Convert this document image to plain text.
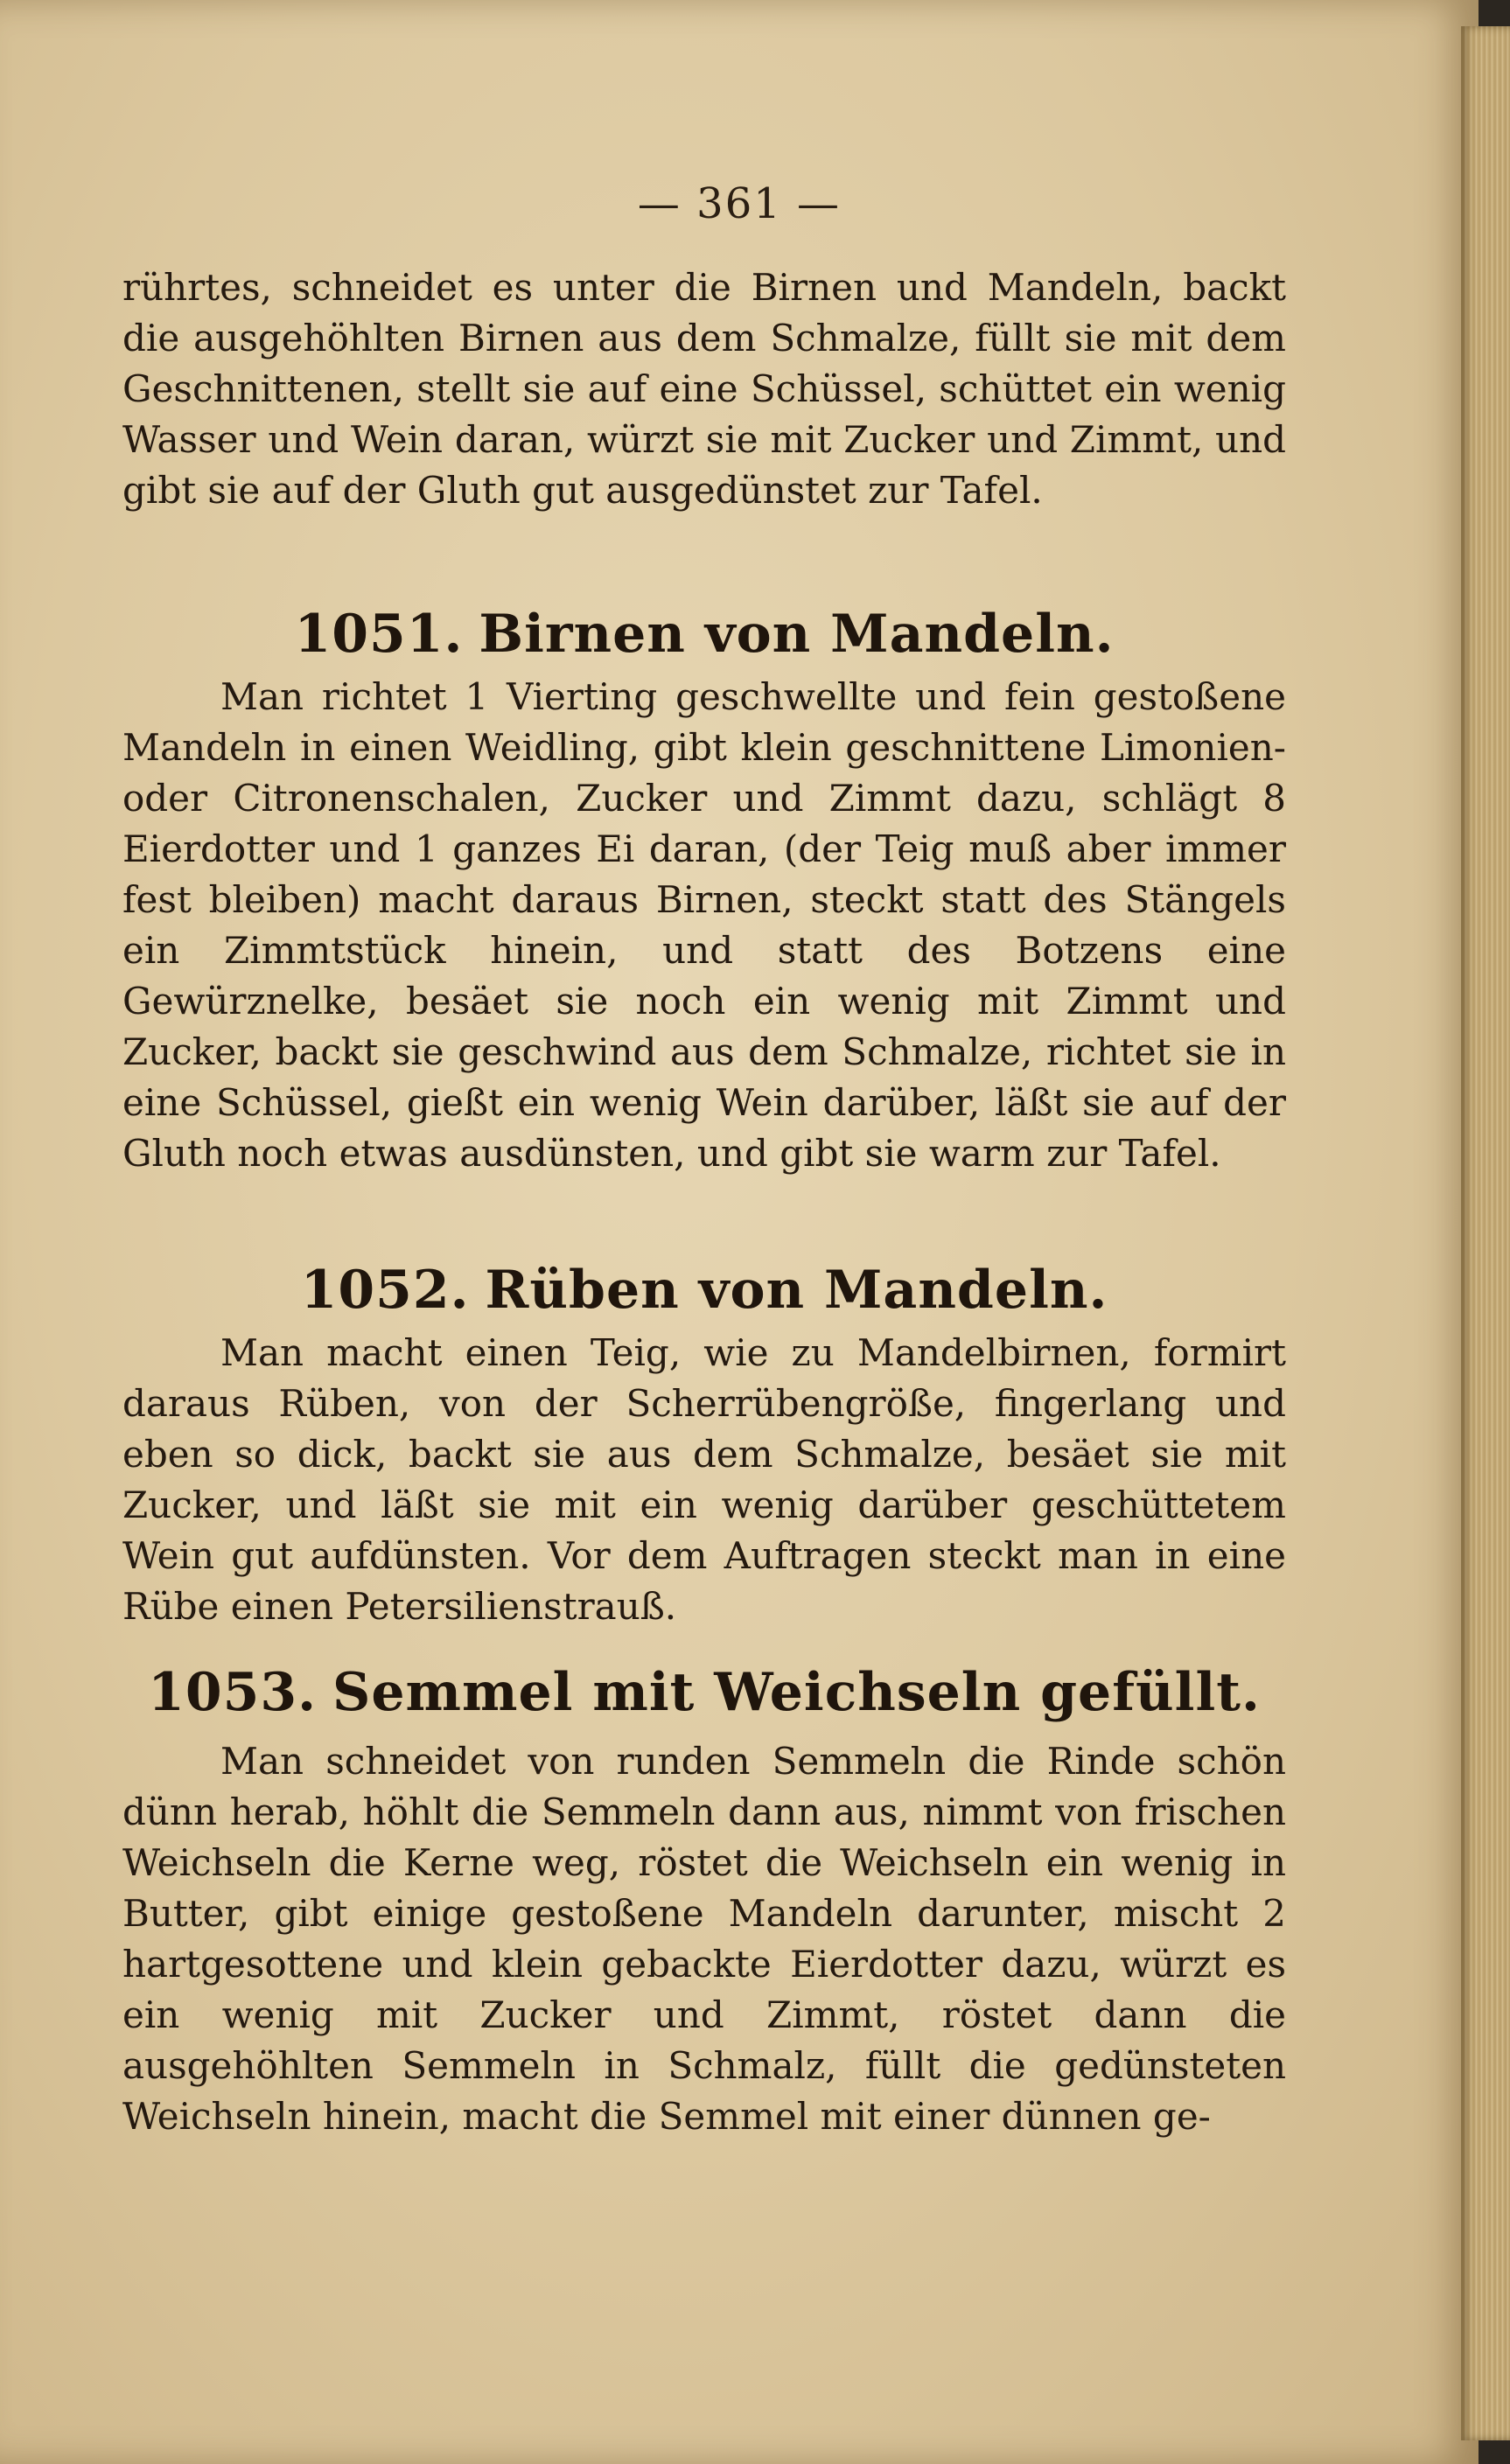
— 361 —
rührtes, schneidet es unter die Birnen und Mandeln, backt die ausgehöhlten Birnen aus dem Schmalze, füllt sie mit dem Geschnittenen, stellt sie auf eine Schüssel, schüttet ein wenig Wasser und Wein daran, würzt sie mit Zucker und Zimmt, und gibt sie auf der Gluth gut ausgedünstet zur Tafel.
1051. Birnen von Mandeln.
Man richtet 1 Vierting geschwellte und fein gestoßene Mandeln in einen Weidling, gibt klein geschnittene Limonien- oder Citronenschalen, Zucker und Zimmt dazu, schlägt 8 Eierdotter und 1 ganzes Ei daran, (der Teig muß aber immer fest bleiben) macht daraus Birnen, steckt statt des Stängels ein Zimmtstück hinein, und statt des Botzens eine Gewürznelke, besäet sie noch ein wenig mit Zimmt und Zucker, backt sie geschwind aus dem Schmalze, richtet sie in eine Schüssel, gießt ein wenig Wein darüber, läßt sie auf der Gluth noch etwas ausdünsten, und gibt sie warm zur Tafel.
1052. Rüben von Mandeln.
Man macht einen Teig, wie zu Mandelbirnen, formirt daraus Rüben, von der Scherrübengröße, fingerlang und eben so dick, backt sie aus dem Schmalze, besäet sie mit Zucker, und läßt sie mit ein wenig darüber geschüttetem Wein gut aufdünsten. Vor dem Auftragen steckt man in eine Rübe einen Petersilienstrauß.
1053. Semmel mit Weichseln gefüllt.
Man schneidet von runden Semmeln die Rinde schön dünn herab, höhlt die Semmeln dann aus, nimmt von frischen Weichseln die Kerne weg, röstet die Weichseln ein wenig in Butter, gibt einige gestoßene Mandeln darunter, mischt 2 hartgesottene und klein gebackte Eierdotter dazu, würzt es ein wenig mit Zucker und Zimmt, röstet dann die ausgehöhlten Semmeln in Schmalz, füllt die gedünsteten Weichseln hinein, macht die Semmel mit einer dünnen ge-
